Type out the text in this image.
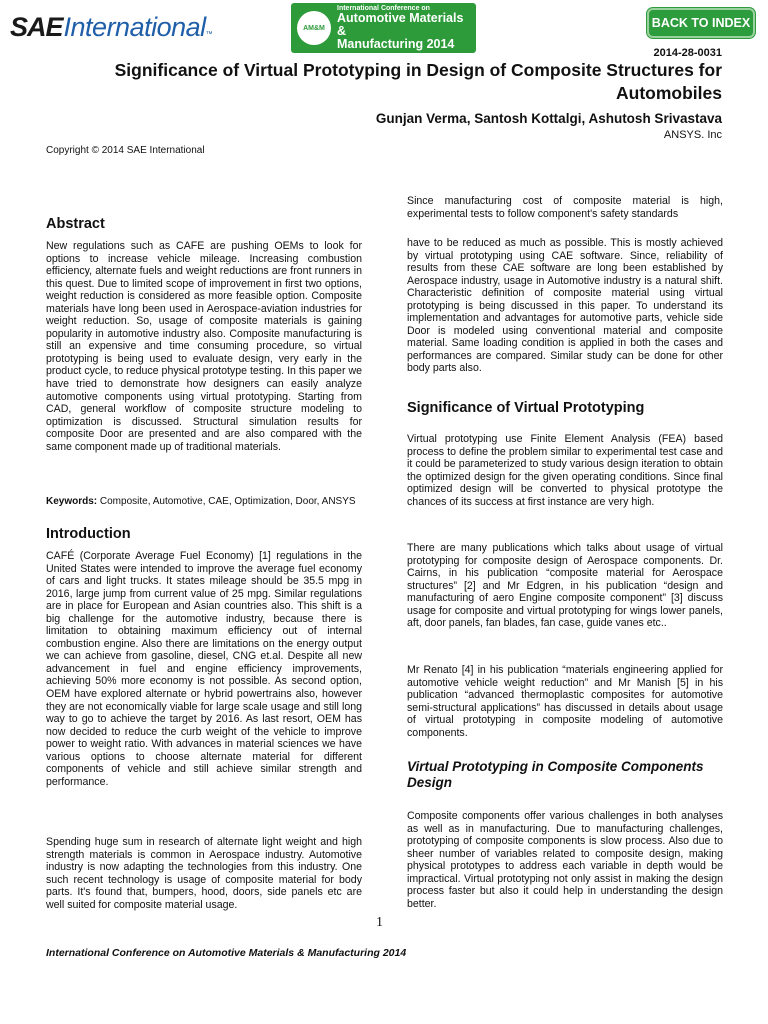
SAE International ™
AM&M
International Conference on
Automotive Materials &
Manufacturing 2014
BACK TO INDEX
2014-28-0031
Significance of Virtual Prototyping in Design of Composite Structures for
Automobiles
Gunjan Verma, Santosh Kottalgi, Ashutosh Srivastava
ANSYS. Inc
Copyright © 2014 SAE International
Abstract

New regulations such as CAFE are pushing OEMs to look for options to increase vehicle mileage. Increasing combustion efficiency, alternate fuels and weight reductions are front runners in this quest. Due to limited scope of improvement in first two options, weight reduction is considered as more feasible option. Composite materials have long been used in Aerospace-aviation industries for weight reduction. So, usage of composite materials is gaining popularity in automotive industry also. Composite manufacturing is still an expensive and time consuming procedure, so virtual prototyping is being used to evaluate design, very early in the product cycle, to reduce physical prototype testing. In this paper we have tried to demonstrate how designers can easily analyze automotive components using virtual prototyping. Starting from CAD, general workflow of composite structure modeling to optimization is discussed. Structural simulation results for composite Door are presented and are also compared with the same component made up of traditional materials.

Keywords: Composite, Automotive, CAE, Optimization, Door, ANSYS

Introduction

CAFÉ (Corporate Average Fuel Economy) [1] regulations in the United States were intended to improve the average fuel economy of cars and light trucks. It states mileage should be 35.5 mpg in 2016, large jump from current value of 25 mpg. Similar regulations are in place for European and Asian countries also. This shift is a big challenge for the automotive industry, because there is limitation to obtaining maximum efficiency out of internal combustion engine. Also there are limitations on the energy output we can achieve from gasoline, diesel, CNG et.al. Despite all new advancement in fuel and engine efficiency improvements, achieving 50% more economy is not possible. As second option, OEM have explored alternate or hybrid powertrains also, however they are not economically viable for large scale usage and still long way to go to achieve the target by 2016. As last resort, OEM has now decided to reduce the curb weight of the vehicle to improve power to weight ratio. With advances in material sciences we have various options to choose alternate material for different components of vehicle and still achieve similar strength and performance.

Spending huge sum in research of alternate light weight and high strength materials is common in Aerospace industry. Automotive industry is now adapting the technologies from this industry. One such recent technology is usage of composite material for body parts. It's found that, bumpers, hood, doors, side panels etc are well suited for composite material usage.

Since manufacturing cost of composite material is high, experimental tests to follow component's safety standards

have to be reduced as much as possible. This is mostly achieved by virtual prototyping using CAE software. Since, reliability of results from these CAE software are long been established by Aerospace industry, usage in Automotive industry is a natural shift. Characteristic definition of composite material using virtual prototyping is being discussed in this paper. To understand its implementation and advantages for automotive parts, vehicle side Door is modeled using conventional material and composite material. Same loading condition is applied in both the cases and performances are compared. Similar study can be done for other body parts also.

Significance of Virtual Prototyping

Virtual prototyping use Finite Element Analysis (FEA) based process to define the problem similar to experimental test case and it could be parameterized to study various design iteration to obtain the optimized design for the given operating conditions. Since final optimized design will be converted to physical prototype the chances of its success at first instance are very high.

There are many publications which talks about usage of virtual prototyping for composite design of Aerospace components. Dr. Cairns, in his publication “composite material for Aerospace structures” [2] and Mr Edgren, in his publication “design and manufacturing of aero Engine composite component” [3] discuss usage for composite and virtual prototyping for wings lower panels, aft, door panels, fan blades, fan case, guide vanes etc..

Mr Renato [4] in his publication “materials engineering applied for automotive vehicle weight reduction” and Mr Manish [5] in his publication “advanced thermoplastic composites for automotive semi-structural applications” has discussed in details about usage of virtual prototyping in composite modeling of automotive components.

Virtual Prototyping in Composite Components Design

Composite components offer various challenges in both analyses as well as in manufacturing. Due to manufacturing challenges, prototyping of composite components is slow process. Also due to sheer number of variables related to composite design, making physical prototypes to address each variable in depth would be impractical. Virtual prototyping not only assist in making the design process faster but also it could help in understanding the design better.

1
International Conference on Automotive Materials & Manufacturing 2014
